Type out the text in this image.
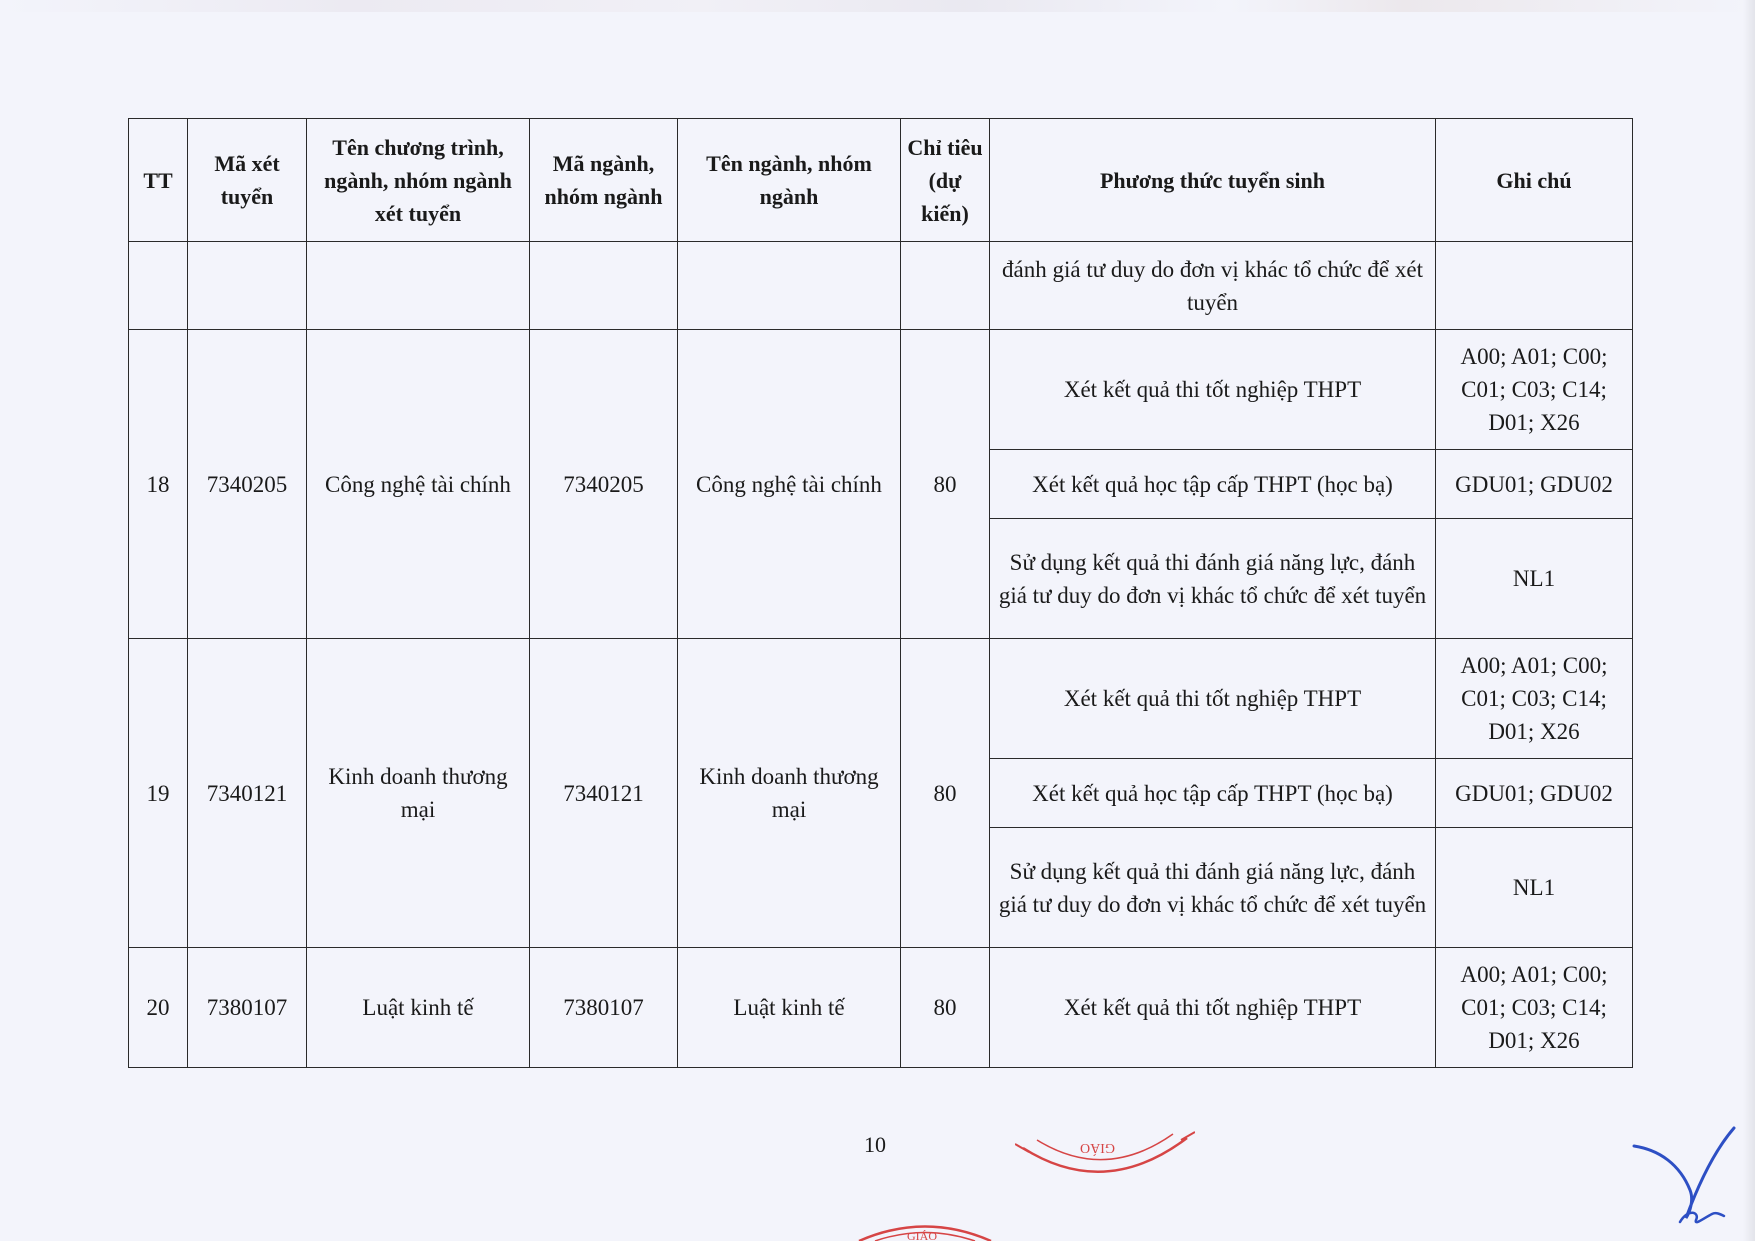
TT	Mã xét tuyển	Tên chương trình, ngành, nhóm ngành xét tuyển	Mã ngành, nhóm ngành	Tên ngành, nhóm ngành	Chỉ tiêu (dự kiến)	Phương thức tuyển sinh	Ghi chú
						đánh giá tư duy do đơn vị khác tổ chức để xét tuyển	
18	7340205	Công nghệ tài chính	7340205	Công nghệ tài chính	80	Xét kết quả thi tốt nghiệp THPT	A00; A01; C00; C01; C03; C14; D01; X26
						Xét kết quả học tập cấp THPT (học bạ)	GDU01; GDU02
						Sử dụng kết quả thi đánh giá năng lực, đánh giá tư duy do đơn vị khác tổ chức để xét tuyển	NL1
19	7340121	Kinh doanh thương mại	7340121	Kinh doanh thương mại	80	Xét kết quả thi tốt nghiệp THPT	A00; A01; C00; C01; C03; C14; D01; X26
						Xét kết quả học tập cấp THPT (học bạ)	GDU01; GDU02
						Sử dụng kết quả thi đánh giá năng lực, đánh giá tư duy do đơn vị khác tổ chức để xét tuyển	NL1
20	7380107	Luật kinh tế	7380107	Luật kinh tế	80	Xét kết quả thi tốt nghiệp THPT	A00; A01; C00; C01; C03; C14; D01; X26
10	GIÁO
GIÁO
